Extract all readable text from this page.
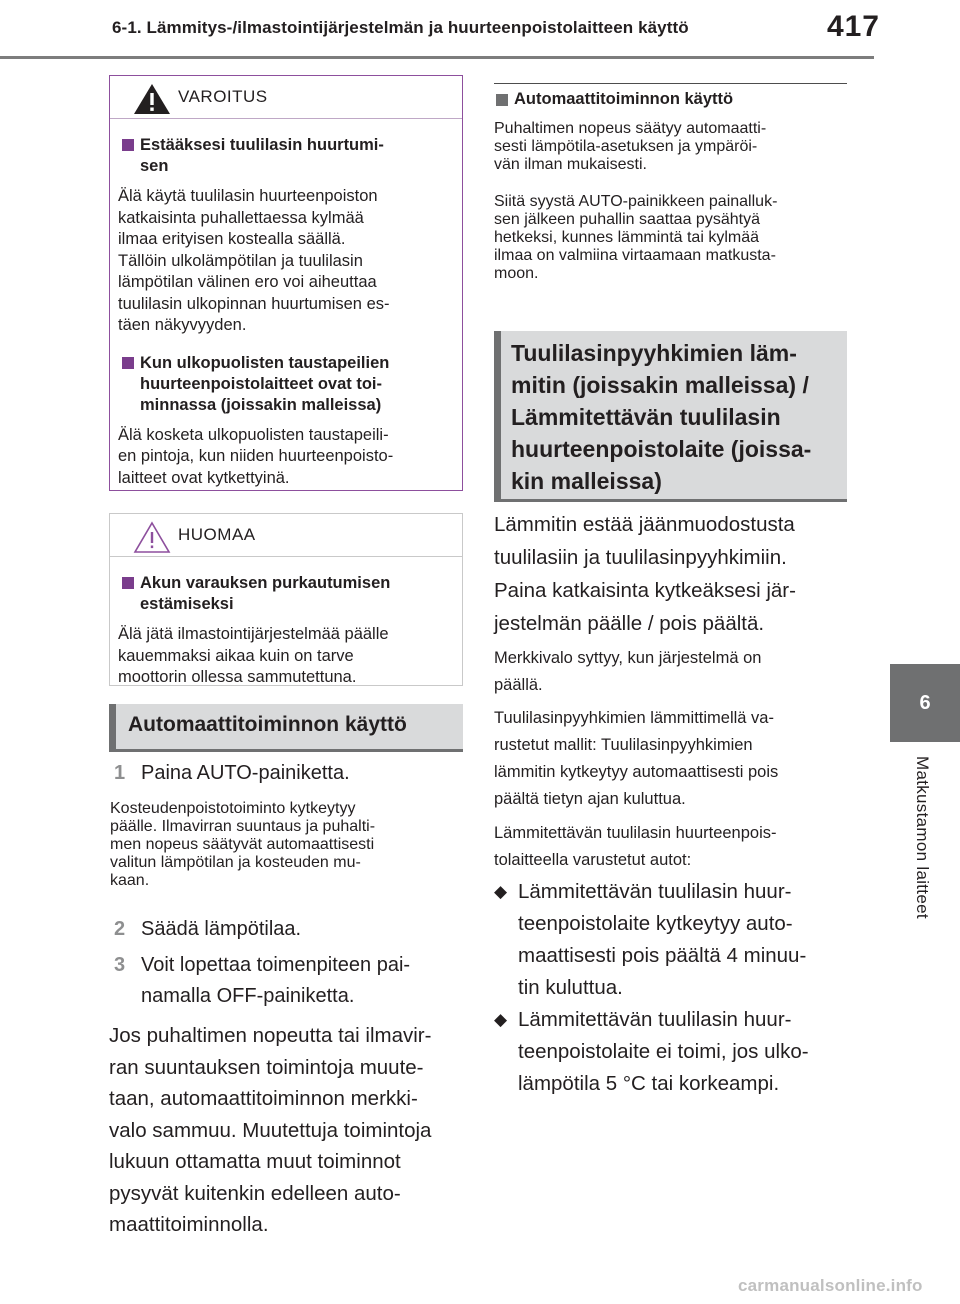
6-1. Lämmitys-/ilmastointijärjestelmän ja huurteenpoistolaitteen käyttö	417
6
Matkustamon laitteet
VAROITUS
Estääksesi tuulilasin huurtumi-
sen
Älä käytä tuulilasin huurteenpoiston
katkaisinta puhallettaessa kylmää
ilmaa erityisen kostealla säällä.
Tällöin ulkolämpötilan ja tuulilasin
lämpötilan välinen ero voi aiheuttaa
tuulilasin ulkopinnan huurtumisen es-
täen näkyvyyden.
Kun ulkopuolisten taustapeilien
huurteenpoistolaitteet ovat toi-
minnassa (joissakin malleissa)
Älä kosketa ulkopuolisten taustapeili-
en pintoja, kun niiden huurteenpoisto-
laitteet ovat kytkettyinä.
HUOMAA
Akun varauksen purkautumisen
estämiseksi
Älä jätä ilmastointijärjestelmää päälle
kauemmaksi aikaa kuin on tarve
moottorin ollessa sammutettuna.
Automaattitoiminnon käyttö
1 Paina AUTO-painiketta.
Kosteudenpoistotoiminto kytkeytyy
päälle. Ilmavirran suuntaus ja puhalti-
men nopeus säätyvät automaattisesti
valitun lämpötilan ja kosteuden mu-
kaan.
2 Säädä lämpötilaa.
3 Voit lopettaa toimenpiteen pai-
namalla OFF-painiketta.
Jos puhaltimen nopeutta tai ilmavir-
ran suuntauksen toimintoja muute-
taan, automaattitoiminnon merkki-
valo sammuu. Muutettuja toimintoja
lukuun ottamatta muut toiminnot
pysyvät kuitenkin edelleen auto-
maattitoiminnolla.
Automaattitoiminnon käyttö
Puhaltimen nopeus säätyy automaatti-
sesti lämpötila-asetuksen ja ympäröi-
vän ilman mukaisesti.
Siitä syystä AUTO-painikkeen painalluk-
sen jälkeen puhallin saattaa pysähtyä
hetkeksi, kunnes lämmintä tai kylmää
ilmaa on valmiina virtaamaan matkusta-
moon.
Tuulilasinpyyhkimien läm-
mitin (joissakin malleissa) /
Lämmitettävän tuulilasin
huurteenpoistolaite (joissa-
kin malleissa)
Lämmitin estää jäänmuodostusta
tuulilasiin ja tuulilasinpyyhkimiin.
Paina katkaisinta kytkeäksesi jär-
jestelmän päälle / pois päältä.
Merkkivalo syttyy, kun järjestelmä on
päällä.
Tuulilasinpyyhkimien lämmittimellä va-
rustetut mallit: Tuulilasinpyyhkimien
lämmitin kytkeytyy automaattisesti pois
päältä tietyn ajan kuluttua.
Lämmitettävän tuulilasin huurteenpois-
tolaitteella varustetut autot:
◆ Lämmitettävän tuulilasin huur-
teenpoistolaite kytkeytyy auto-
maattisesti pois päältä 4 minuu-
tin kuluttua.
◆ Lämmitettävän tuulilasin huur-
teenpoistolaite ei toimi, jos ulko-
lämpötila 5 °C tai korkeampi.
carmanualsonline.info
